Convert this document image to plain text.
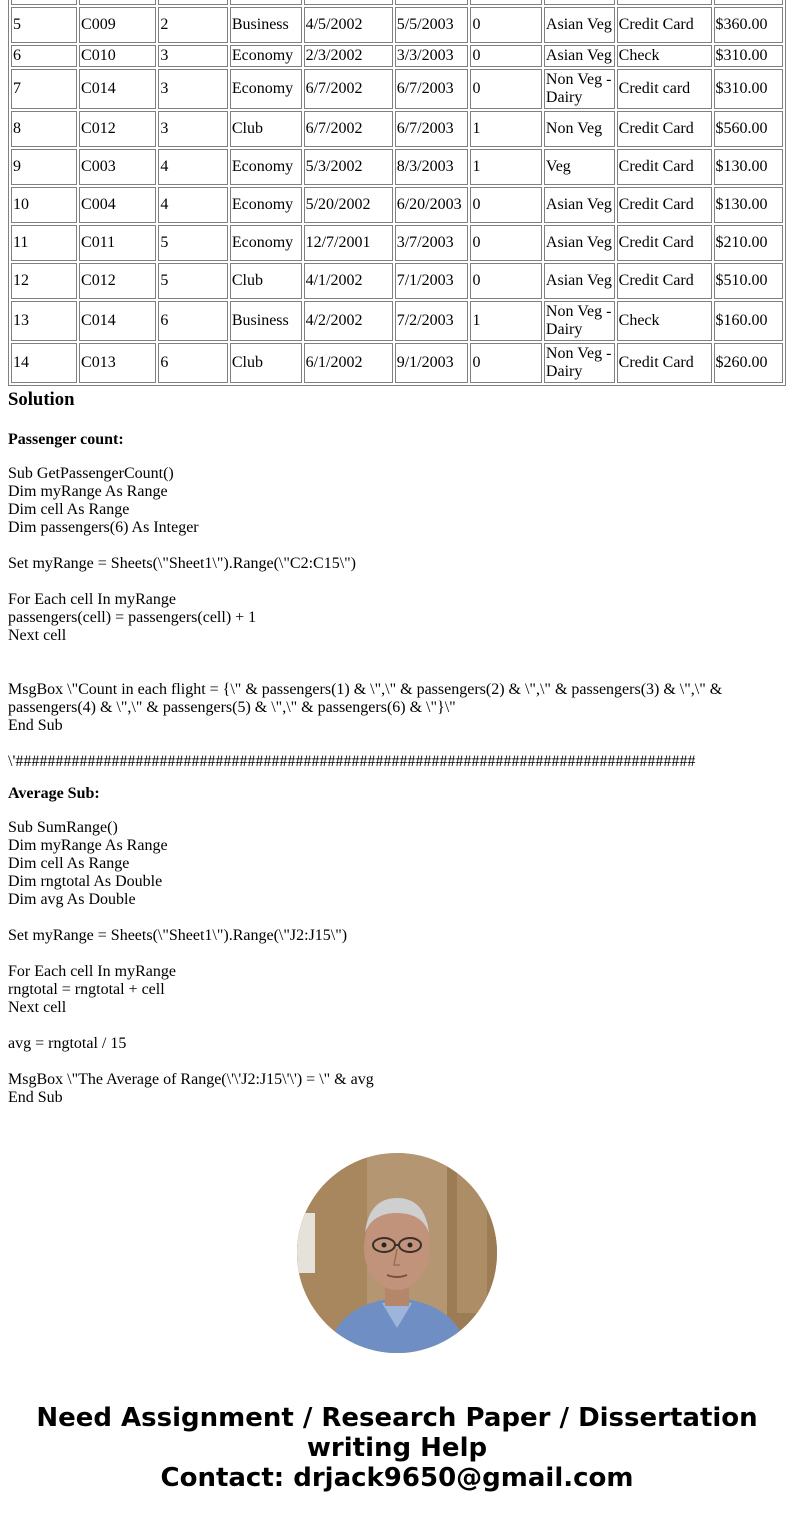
5	C009	2	Business	4/5/2002	5/5/2003	0	Asian Veg	Credit Card	$360.00
6	C010	3	Economy	2/3/2002	3/3/2003	0	Asian Veg	Check	$310.00
7	C014	3	Economy	6/7/2002	6/7/2003	0	Non Veg - Dairy	Credit card	$310.00
8	C012	3	Club	6/7/2002	6/7/2003	1	Non Veg	Credit Card	$560.00
9	C003	4	Economy	5/3/2002	8/3/2003	1	Veg	Credit Card	$130.00
10	C004	4	Economy	5/20/2002	6/20/2003	0	Asian Veg	Credit Card	$130.00
11	C011	5	Economy	12/7/2001	3/7/2003	0	Asian Veg	Credit Card	$210.00
12	C012	5	Club	4/1/2002	7/1/2003	0	Asian Veg	Credit Card	$510.00
13	C014	6	Business	4/2/2002	7/2/2003	1	Non Veg - Dairy	Check	$160.00
14	C013	6	Club	6/1/2002	9/1/2003	0	Non Veg - Dairy	Credit Card	$260.00
Solution
Passenger count:
Sub GetPassengerCount()
Dim myRange As Range
Dim cell As Range
Dim passengers(6) As Integer
Set myRange = Sheets(\"Sheet1\").Range(\"C2:C15\")
For Each cell In myRange
passengers(cell) = passengers(cell) + 1
Next cell
MsgBox \"Count in each flight = {\" & passengers(1) & \",\" & passengers(2) & \",\" & passengers(3) & \",\" & passengers(4) & \",\" & passengers(5) & \",\" & passengers(6) & \"}\"
End Sub
\'#####################################################################################
Average Sub:
Sub SumRange()
Dim myRange As Range
Dim cell As Range
Dim rngtotal As Double
Dim avg As Double
Set myRange = Sheets(\"Sheet1\").Range(\"J2:J15\")
For Each cell In myRange
rngtotal = rngtotal + cell
Next cell
avg = rngtotal / 15
MsgBox \"The Average of Range(\'\'J2:J15\'\') = \" & avg
End Sub
Need Assignment / Research Paper / Dissertation
writing Help
Contact: drjack9650@gmail.com
